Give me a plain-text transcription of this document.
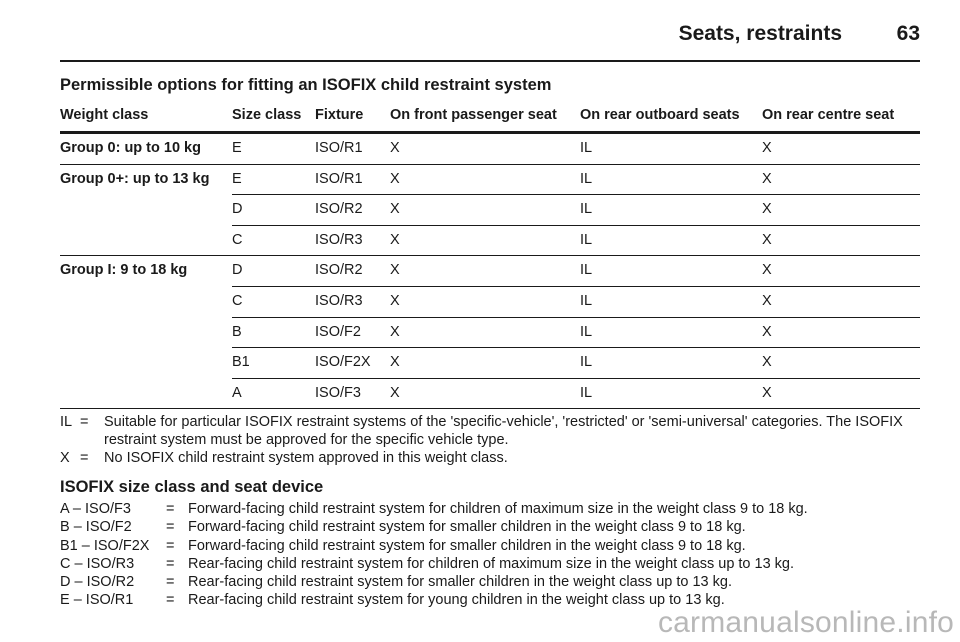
Seats, restraints	63
Permissible options for fitting an ISOFIX child restraint system
Weight class	Size class	Fixture	On front passenger seat	On rear outboard seats	On rear centre seat
Group 0: up to 10 kg	E	ISO/R1	X	IL	X
Group 0+: up to 13 kg	E	ISO/R1	X	IL	X
	D	ISO/R2	X	IL	X
	C	ISO/R3	X	IL	X
Group I: 9 to 18 kg	D	ISO/R2	X	IL	X
	C	ISO/R3	X	IL	X
	B	ISO/F2	X	IL	X
	B1	ISO/F2X	X	IL	X
	A	ISO/F3	X	IL	X
IL =	Suitable for particular ISOFIX restraint systems of the 'specific-vehicle', 'restricted' or 'semi-universal' categories. The ISOFIX restraint system must be approved for the specific vehicle type.
X =	No ISOFIX child restraint system approved in this weight class.
ISOFIX size class and seat device
A – ISO/F3	= Forward-facing child restraint system for children of maximum size in the weight class 9 to 18 kg.
B – ISO/F2	= Forward-facing child restraint system for smaller children in the weight class 9 to 18 kg.
B1 – ISO/F2X	= Forward-facing child restraint system for smaller children in the weight class 9 to 18 kg.
C – ISO/R3	= Rear-facing child restraint system for children of maximum size in the weight class up to 13 kg.
D – ISO/R2	= Rear-facing child restraint system for smaller children in the weight class up to 13 kg.
E – ISO/R1	= Rear-facing child restraint system for young children in the weight class up to 13 kg.
carmanualsonline.info
